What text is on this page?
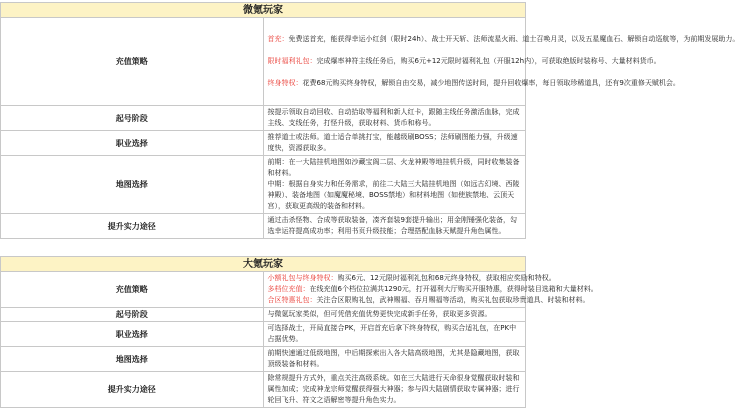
微氪玩家	
充值策略	首充：免费送首充，能获得幸运小红剑（限时24h）、战士开天斩、法师流星火雨、道士召唤月灵，以及五星魔血石、解锁自动巡航等，为前期发展助力。

限时福利礼包：完成爆率神符主线任务后，购买6元+12元限时福利礼包（开服12h内），可获取绝版时装称号、大量材料货币。

终身特权：花费68元购买终身特权，解锁自由交易，减少地图传送时间，提升回收爆率，每日领取珍稀道具，还有9次重修天赋机会。

起号阶段	按提示领取自动回收、自动拾取等福利和新人红卡，跟随主线任务激活血脉，完成主线、支线任务，打怪升级，获取材料、货币和称号。
职业选择	推荐道士或法师。道士适合单挑打宝，能越级刷BOSS；法师刷图能力强，升级速度快，资源获取多。
地图选择	前期：在一大陆挂机地图如沙藏宝阁二层、火龙神殿等地挂机升级，同时收集装备和材料。
中期：根据自身实力和任务需求，前往二大陆三大陆挂机地图（如远古幻境、西陵神殿）、装备地图（如魔魔秘境、BOSS禁地）和材料地图（如使族禁地、云顶天宫），获取更高级的装备和材料。
提升实力途径	通过击杀怪物、合成等获取装备，凑齐套装9套提升输出；用金刚锤强化装备，勾选幸运符提高成功率；利用书页升级技能；合理搭配血脉天赋提升角色属性。
大氪玩家	
充值策略	小额礼包与终身特权：购买6元、12元限时福利礼包和68元终身特权，获取相应奖励和特权。
多档位充值：在线充值6个档位拉满共1290元，打开福利大厅购买开服特惠，获得时装目选箱和大量材料。
合区特惠礼包：关注合区限购礼包，武神赐福、吞月赐福等活动，购买礼包获取珍贵道具、时装和材料。

起号阶段	与微氪玩家类似，但可凭借充值优势更快完成新手任务，获取更多资源。
职业选择	可选择战士，开局直接合PK，开启首充后拿下终身特权，购买合适礼包，在PK中占据优势。
地图选择	前期快速通过低级地图，中后期探索出入各大陆高级地图，尤其是隐藏地图，获取顶级装备和材料。
提升实力途径	除常规提升方式外，重点关注高级系统。如在三大陆进行天命很身觉醒获取时装和属性加成；完成神龙宗师觉醒获得强大神器；参与四大陆剧情获取专属神器；进行轮回飞升、符文之语解密等提升角色实力。
